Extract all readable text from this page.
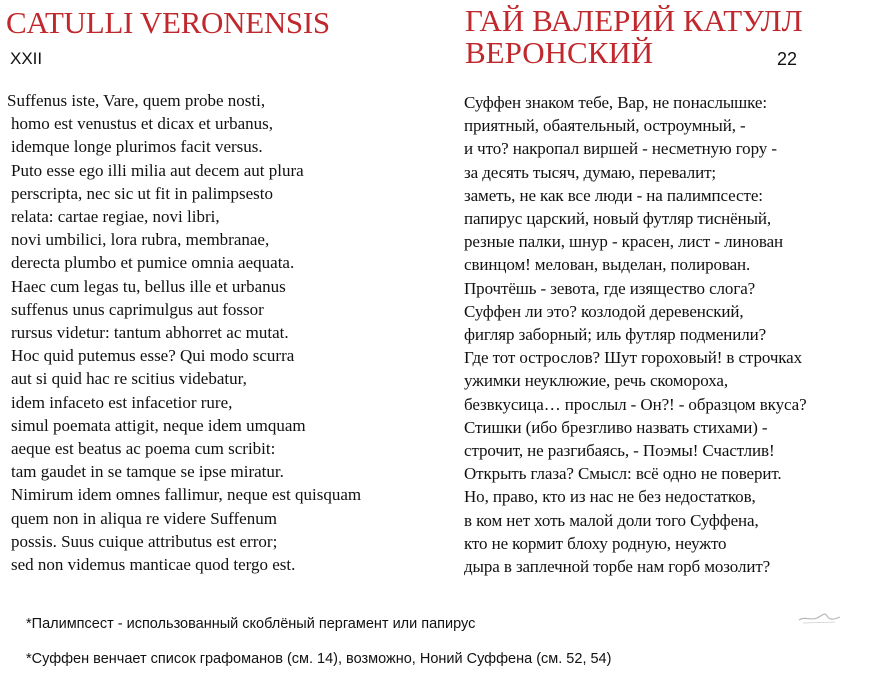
CATULLI VERONENSIS
XXII
ГАЙ ВАЛЕРИЙ КАТУЛЛ
ВЕРОНСКИЙ	22
Suffenus iste, Vare, quem probe nosti,
homo est venustus et dicax et urbanus,
idemque longe plurimos facit versus.
Puto esse ego illi milia aut decem aut plura
perscripta, nec sic ut fit in palimpsesto
relata: cartae regiae, novi libri,
novi umbilici, lora rubra, membranae,
derecta plumbo et pumice omnia aequata.
Haec cum legas tu, bellus ille et urbanus
suffenus unus caprimulgus aut fossor
rursus videtur: tantum abhorret ac mutat.
Hoc quid putemus esse? Qui modo scurra
aut si quid hac re scitius videbatur,
idem infaceto est infacetior rure,
simul poemata attigit, neque idem umquam
aeque est beatus ac poema cum scribit:
tam gaudet in se tamque se ipse miratur.
Nimirum idem omnes fallimur, neque est quisquam
quem non in aliqua re videre Suffenum
possis. Suus cuique attributus est error;
sed non videmus manticae quod tergo est.
Суффен знаком тебе, Вар, не понаслышке:
приятный, обаятельный, остроумный, -
и что? накропал виршей - несметную гору -
за десять тысяч, думаю, перевалит;
заметь, не как все люди - на палимпсесте:
папирус царский, новый футляр тиснёный,
резные палки, шнур - красен, лист - линован
свинцом! мелован, выделан, полирован.
Прочтёшь - зевота, где изящество слога?
Суффен ли это? козлодой деревенский,
фигляр заборный; иль футляр подменили?
Где тот острослов? Шут гороховый! в строчках
ужимки неуклюжие, речь скомороха,
безвкусица… прослыл - Он?! - образцом вкуса?
Стишки (ибо брезгливо назвать стихами) -
строчит, не разгибаясь, - Поэмы! Счастлив!
Открыть глаза? Смысл: всё одно не поверит.
Но, право, кто из нас не без недостатков,
в ком нет хоть малой доли того Суффена,
кто не кормит блоху родную, неужто
дыра в заплечной торбе нам горб мозолит?
*Палимпсест - использованный скоблёный пергамент или папирус
*Суффен венчает список графоманов (см. 14), возможно, Ноний Суффена (см. 52, 54)
